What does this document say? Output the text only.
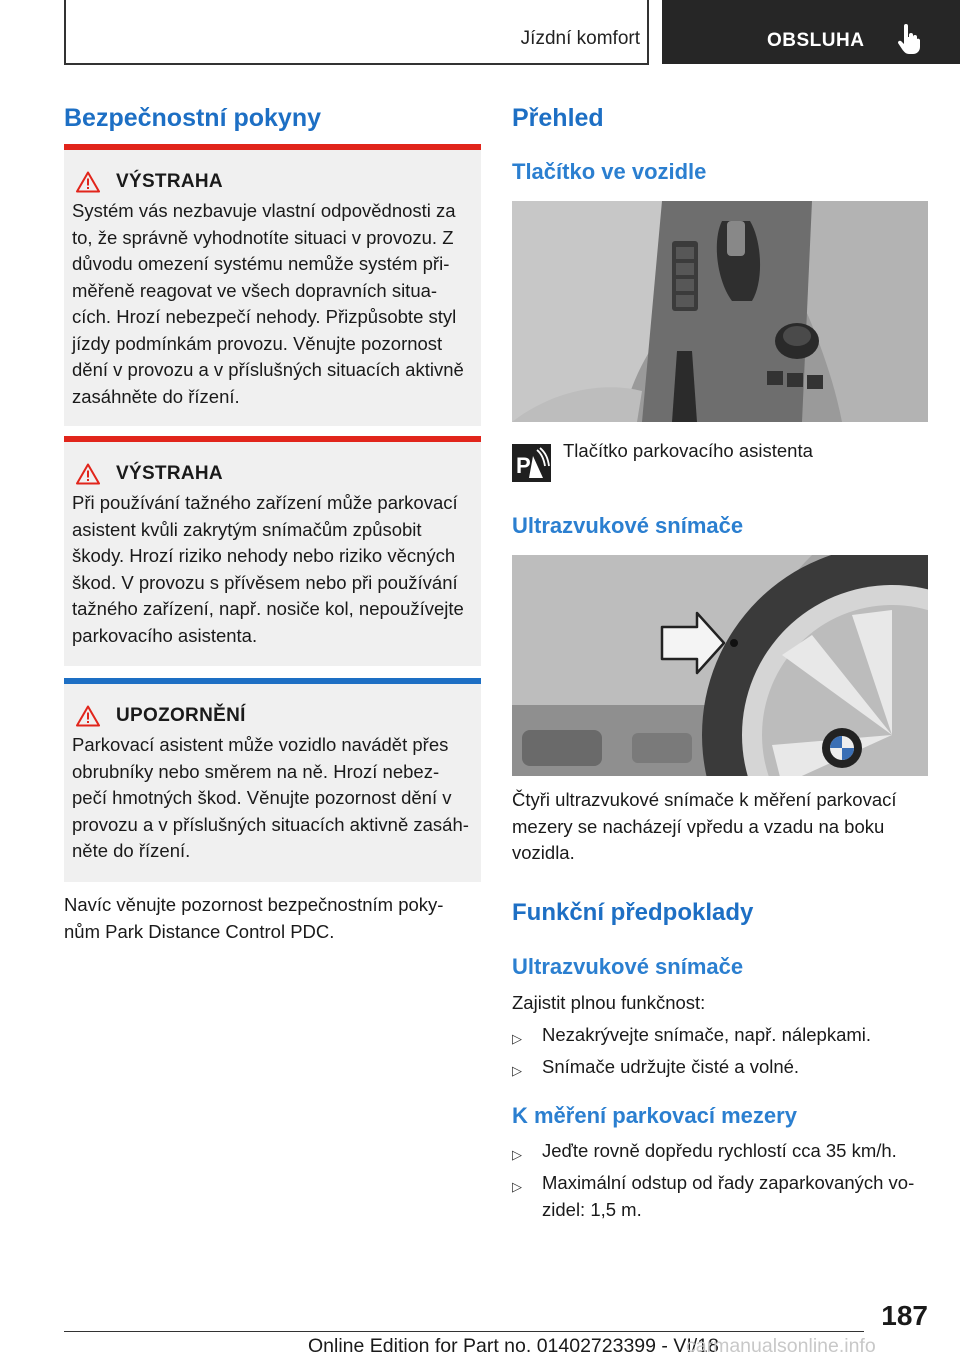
Jízdní komfort	OBSLUHA
Bezpečnostní pokyny
VÝSTRAHA
Systém vás nezbavuje vlastní odpovědnosti za
to, že správně vyhodnotíte situaci v provozu. Z
důvodu omezení systému nemůže systém při-
měřeně reagovat ve všech dopravních situa-
cích. Hrozí nebezpečí nehody. Přizpůsobte styl
jízdy podmínkám provozu. Věnujte pozornost
dění v provozu a v příslušných situacích aktivně
zasáhněte do řízení.
VÝSTRAHA
Při používání tažného zařízení může parkovací
asistent kvůli zakrytým snímačům způsobit
škody. Hrozí riziko nehody nebo riziko věcných
škod. V provozu s přívěsem nebo při používání
tažného zařízení, např. nosiče kol, nepoužívejte
parkovacího asistenta.
UPOZORNĚNÍ
Parkovací asistent může vozidlo navádět přes
obrubníky nebo směrem na ně. Hrozí nebez-
pečí hmotných škod. Věnujte pozornost dění v
provozu a v příslušných situacích aktivně zasáh-
něte do řízení.
Navíc věnujte pozornost bezpečnostním poky-
nům Park Distance Control PDC.
Přehled
Tlačítko ve vozidle
P
Tlačítko parkovacího asistenta
Ultrazvukové snímače
Čtyři ultrazvukové snímače k měření parkovací
mezery se nacházejí vpředu a vzadu na boku
vozidla.
Funkční předpoklady
Ultrazvukové snímače
Zajistit plnou funkčnost:
▷	Nezakrývejte snímače, např. nálepkami.
▷	Snímače udržujte čisté a volné.
K měření parkovací mezery
▷	Jeďte rovně dopředu rychlostí cca 35 km/h.
▷	Maximální odstup od řady zaparkovaných vo-
zidel: 1,5 m.
187
Online Edition for Part no. 01402723399 - VI/18
carmanualsonline.info
